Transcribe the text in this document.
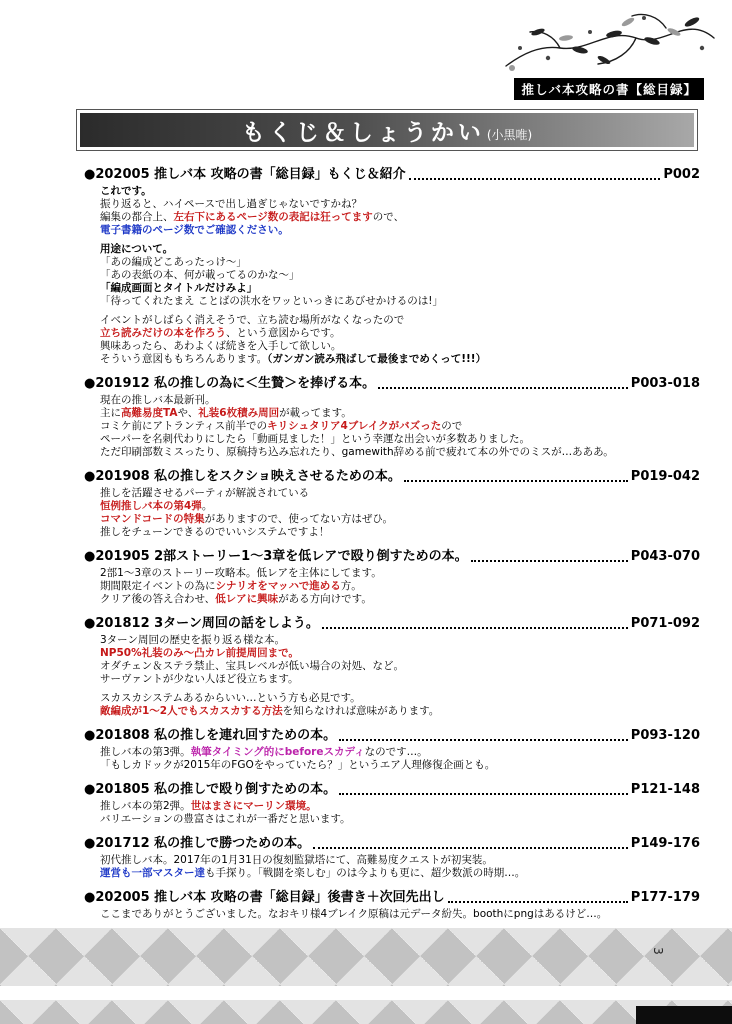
推しバ本攻略の書【総目録】
もくじ＆しょうかい (小黒唯)
●202005 推しバ本 攻略の書「総目録」もくじ＆紹介	P002
これです。
振り返ると、ハイペースで出し過ぎじゃないですかね？
編集の都合上、左右下にあるページ数の表記は狂ってますので、
電子書籍のページ数でご確認ください。
用途について。
「あの編成どこあったっけ～」
「あの表紙の本、何が載ってるのかな～」
「編成画面とタイトルだけみよ」
「待ってくれたまえ ことばの洪水をワッといっきにあびせかけるのは!」
イベントがしばらく消えそうで、立ち読む場所がなくなったので
立ち読みだけの本を作ろう、という意図からです。
興味あったら、あわよくば続きを入手して欲しい。
そういう意図ももちろんあります。（ガンガン読み飛ばして最後までめくって!!!）
●201912 私の推しの為に＜生贄＞を捧げる本。	P003-018
現在の推しバ本最新刊。
主に高難易度TAや、礼装6枚積み周回が載ってます。
コミケ前にアトランティス前半でのキリシュタリア4ブレイクがバズったので
ペーパーを名刺代わりにしたら「動画見ました！」という幸運な出会いが多数ありました。
ただ印刷部数ミスったり、原稿持ち込み忘れたり、gamewith辞める前で疲れて本の外でのミスが…あああ。
●201908 私の推しをスクショ映えさせるための本。	P019-042
推しを活躍させるパーティが解説されている
恒例推しバ本の第4弾。
コマンドコードの特集がありますので、使ってない方はぜひ。
推しをチューンできるのでいいシステムですよ！
●201905 2部ストーリー1～3章を低レアで殴り倒すための本。	P043-070
2部1～3章のストーリー攻略本。低レアを主体にしてます。
期間限定イベントの為にシナリオをマッハで進める方。
クリア後の答え合わせ、低レアに興味がある方向けです。
●201812 3ターン周回の話をしよう。	P071-092
3ターン周回の歴史を振り返る様な本。
NP50%礼装のみ～凸カレ前提周回まで。
オダチェン＆ステラ禁止、宝具レベルが低い場合の対処、など。
サーヴァントが少ない人ほど役立ちます。
スカスカシステムあるからいい…という方も必見です。
敵編成が1～2人でもスカスカする方法を知らなければ意味があります。
●201808 私の推しを連れ回すための本。	P093-120
推しバ本の第3弾。執筆タイミング的にbeforeスカディなのです…。
「もしカドックが2015年のFGOをやっていたら？」というエア人理修復企画とも。
●201805 私の推しで殴り倒すための本。	P121-148
推しバ本の第2弾。世はまさにマーリン環境。
バリエーションの豊富さはこれが一番だと思います。
●201712 私の推しで勝つための本。	P149-176
初代推しバ本。2017年の1月31日の復刻監獄塔にて、高難易度クエストが初実装。
運営も一部マスター達も手探り。「戦闘を楽しむ」のは今よりも更に、超少数派の時期…。
●202005 推しバ本 攻略の書「総目録」後書き＋次回先出し	P177-179
ここまでありがとうございました。なおキリ様4ブレイク原稿は元データ紛失。boothにpngはあるけど…。
3
